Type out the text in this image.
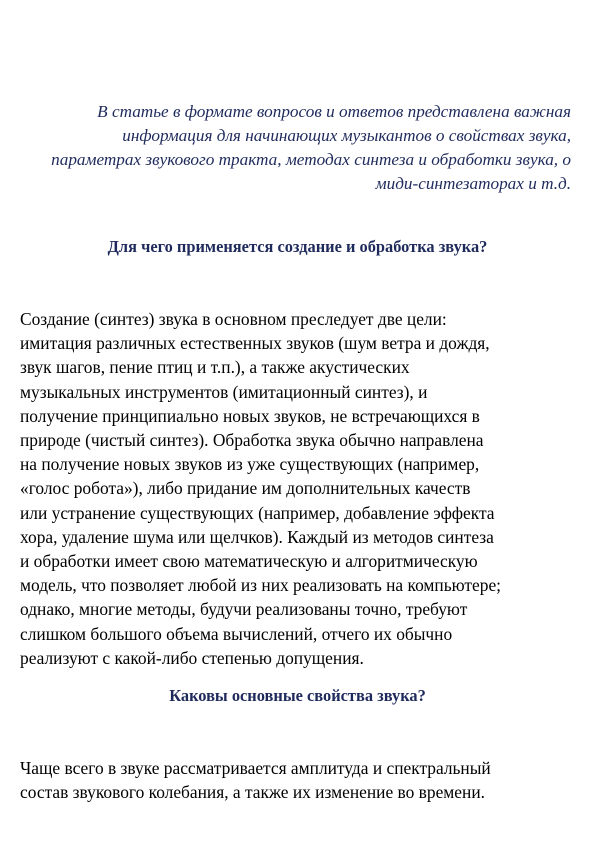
В статье в формате вопросов и ответов представлена важная информация для начинающих музыкантов о свойствах звука, параметрах звукового тракта, методах синтеза и обработки звука, о миди-синтезаторах и т.д.

Для чего применяется создание и обработка звука?

Создание (синтез) звука в основном преследует две цели:
имитация различных естественных звуков (шум ветра и дождя,
звук шагов, пение птиц и т.п.), а также акустических
музыкальных инструментов (имитационный синтез), и
получение принципиально новых звуков, не встречающихся в
природе (чистый синтез). Обработка звука обычно направлена
на получение новых звуков из уже существующих (например,
«голос робота»), либо придание им дополнительных качеств
или устранение существующих (например, добавление эффекта
хора, удаление шума или щелчков). Каждый из методов синтеза
и обработки имеет свою математическую и алгоритмическую
модель, что позволяет любой из них реализовать на компьютере;
однако, многие методы, будучи реализованы точно, требуют
слишком большого объема вычислений, отчего их обычно
реализуют с какой-либо степенью допущения.

Каковы основные свойства звука?

Чаще всего в звуке рассматривается амплитуда и спектральный
состав звукового колебания, а также их изменение во времени.
